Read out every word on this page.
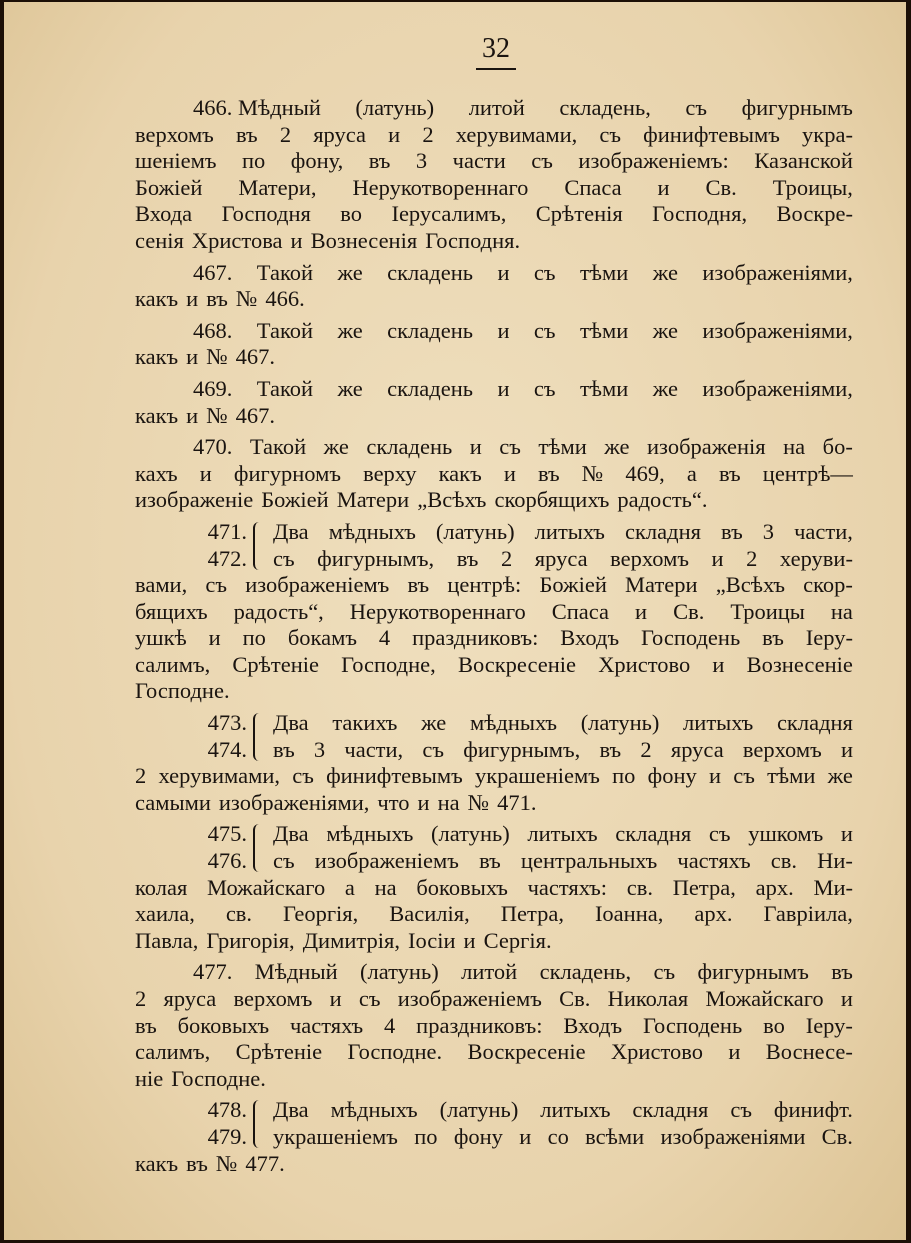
32
466. Мѣдный (латунь) литой складень, съ фигурнымъ
верхомъ въ 2 яруса и 2 херувимами, съ финифтевымъ укра-
шеніемъ по фону, въ 3 части съ изображеніемъ: Казанской
Божіей Матери, Нерукотвореннаго Спаса и Св. Троицы,
Входа Господня во Іерусалимъ, Срѣтенія Господня, Воскре-
сенія Христова и Вознесенія Господня.
467. Такой же складень и съ тѣми же изображеніями,
какъ и въ № 466.
468. Такой же складень и съ тѣми же изображеніями,
какъ и № 467.
469. Такой же складень и съ тѣми же изображеніями,
какъ и № 467.
470. Такой же складень и съ тѣми же изображенія на бо-
кахъ и фигурномъ верху какъ и въ № 469, а въ центрѣ—
изображеніе Божіей Матери „Всѣхъ скорбящихъ радость“.
471.
472.
Два мѣдныхъ (латунь) литыхъ складня въ 3 части,
съ фигурнымъ, въ 2 яруса верхомъ и 2 херуви-
вами, съ изображеніемъ въ центрѣ: Божіей Матери „Всѣхъ скор-
бящихъ радость“, Нерукотвореннаго Спаса и Св. Троицы на
ушкѣ и по бокамъ 4 праздниковъ: Входъ Господень въ Іеру-
салимъ, Срѣтеніе Господне, Воскресеніе Христово и Вознесеніе
Господне.
473.
474.
Два такихъ же мѣдныхъ (латунь) литыхъ складня
въ 3 части, съ фигурнымъ, въ 2 яруса верхомъ и
2 херувимами, съ финифтевымъ украшеніемъ по фону и съ тѣми же
самыми изображеніями, что и на № 471.
475.
476.
Два мѣдныхъ (латунь) литыхъ складня съ ушкомъ и
съ изображеніемъ въ центральныхъ частяхъ св. Ни-
колая Можайскаго а на боковыхъ частяхъ: св. Петра, арх. Ми-
хаила, св. Георгія, Василія, Петра, Іоанна, арх. Гавріила,
Павла, Григорія, Димитрія, Іосіи и Сергія.
477. Мѣдный (латунь) литой складень, съ фигурнымъ въ
2 яруса верхомъ и съ изображеніемъ Св. Николая Можайскаго и
въ боковыхъ частяхъ 4 праздниковъ: Входъ Господень во Іеру-
салимъ, Срѣтеніе Господне. Воскресеніе Христово и Воснесе-
ніе Господне.
478.
479.
Два мѣдныхъ (латунь) литыхъ складня съ финифт.
украшеніемъ по фону и со всѣми изображеніями Св.
какъ въ № 477.
